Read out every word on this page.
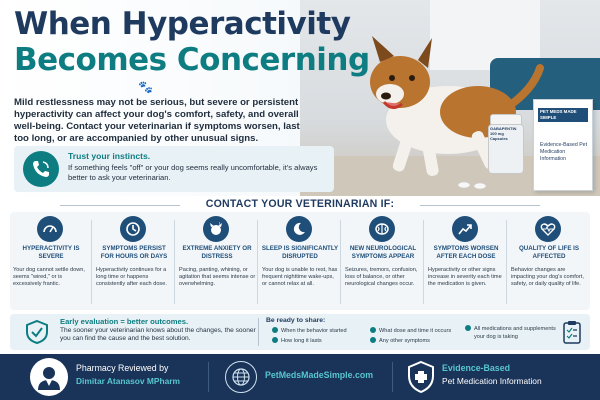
When Hyperactivity
Becomes Concerning
🐾
Mild restlessness may not be serious, but severe or persistent hyperactivity can affect your dog's comfort, safety, and overall well-being. Contact your veterinarian if symptoms worsen, last too long, or are accompanied by other unusual signs.
Trust your instincts.
If something feels "off" or your dog seems really uncomfortable, it's always better to ask your veterinarian.
GABAPENTIN
100 mg Capsules
PET MEDS MADE SIMPLE
Evidence-Based Pet Medication Information
CONTACT YOUR VETERINARIAN IF:
HYPERACTIVITY IS SEVERE
Your dog cannot settle down, seems "wired," or is excessively frantic.
SYMPTOMS PERSIST FOR HOURS OR DAYS
Hyperactivity continues for a long time or happens consistently after each dose.
!
EXTREME ANXIETY OR DISTRESS
Pacing, panting, whining, or agitation that seems intense or overwhelming.
SLEEP IS SIGNIFICANTLY DISRUPTED
Your dog is unable to rest, has frequent nighttime wake-ups, or cannot relax at all.
NEW NEUROLOGICAL SYMPTOMS APPEAR
Seizures, tremors, confusion, loss of balance, or other neurological changes occur.
SYMPTOMS WORSEN AFTER EACH DOSE
Hyperactivity or other signs increase in severity each time the medication is given.
QUALITY OF LIFE IS AFFECTED
Behavior changes are impacting your dog's comfort, safety, or daily quality of life.
Early evaluation = better outcomes.
The sooner your veterinarian knows about the changes, the sooner you can find the cause and the best solution.
Be ready to share:
When the behavior started
How long it lasts
What dose and time it occurs
Any other symptoms
All medications and supplements
your dog is taking
Pharmacy Reviewed by
Dimitar Atanasov MPharm
PetMedsMadeSimple.com
Evidence-Based
Pet Medication Information
